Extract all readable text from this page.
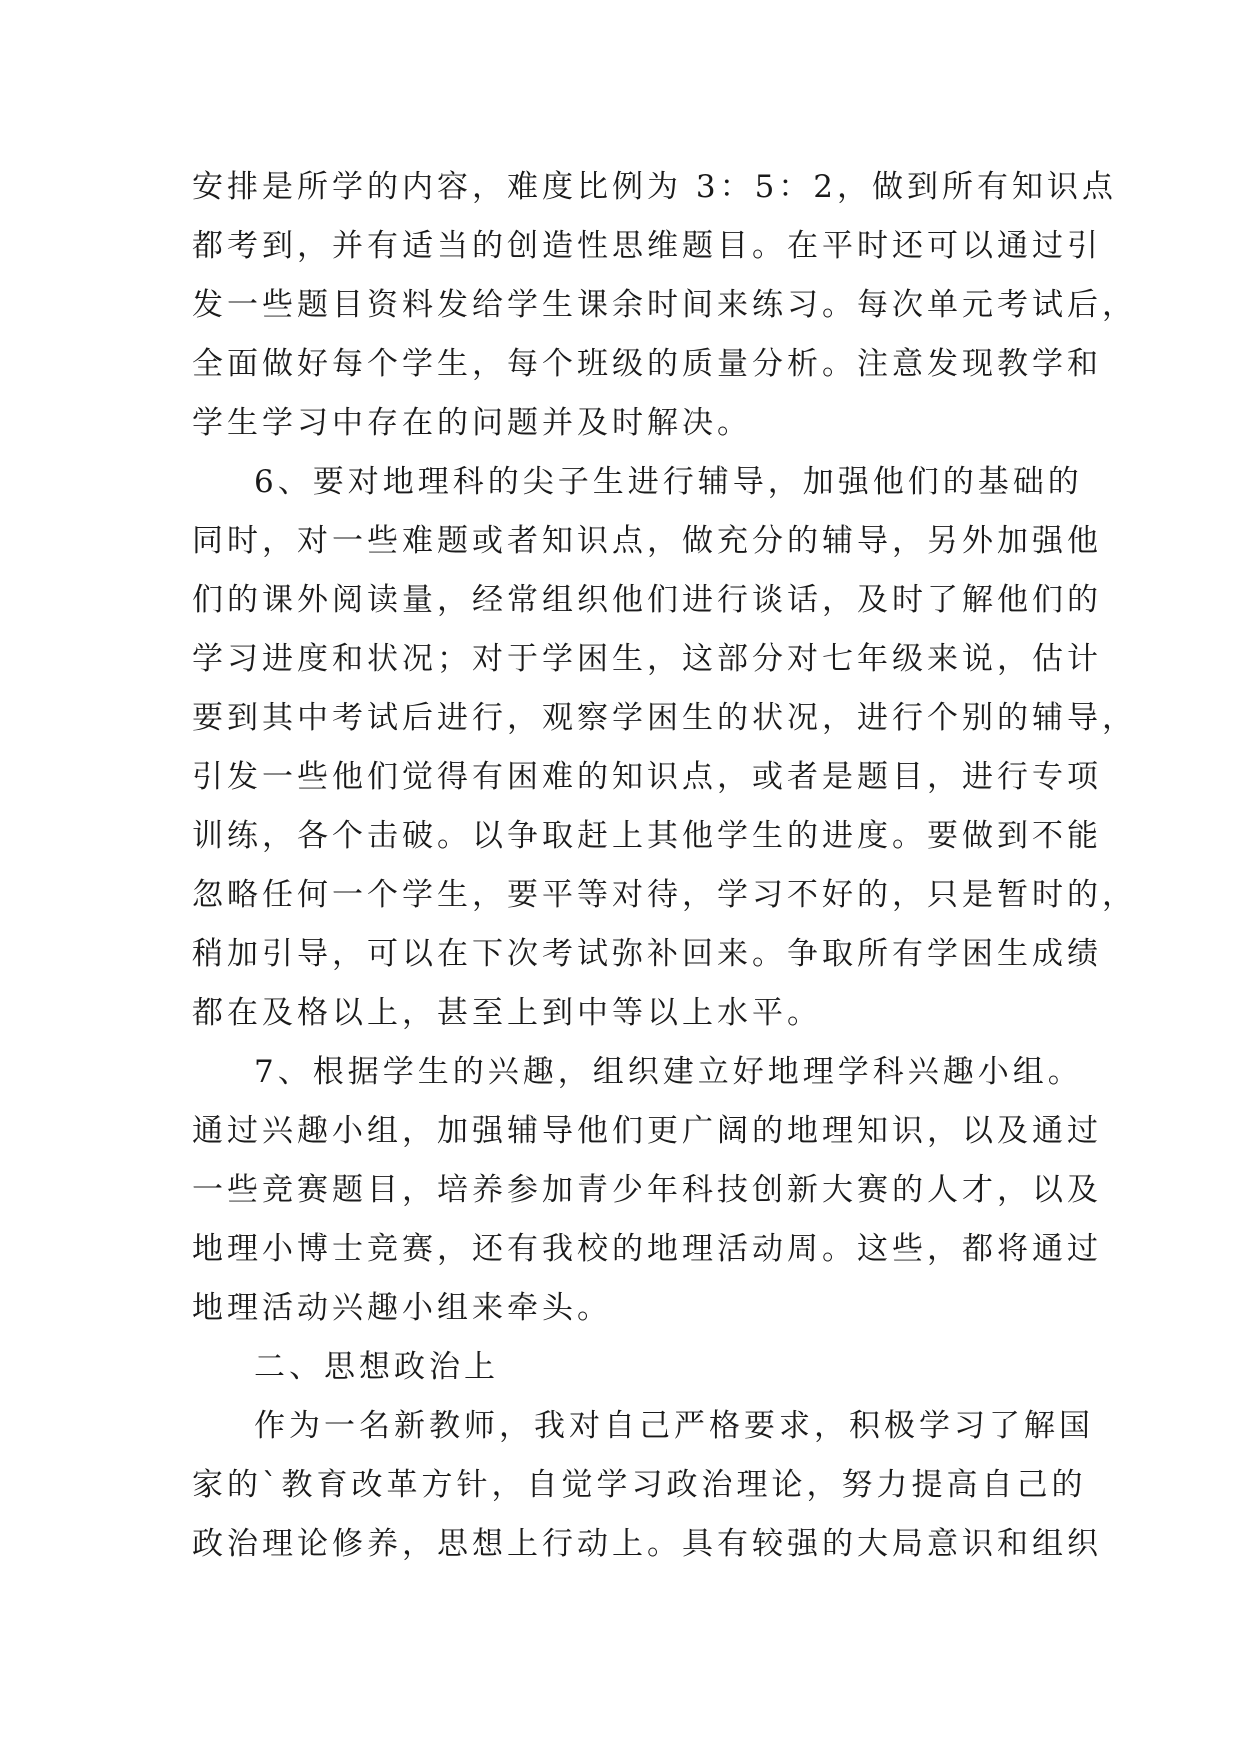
安排是所学的内容，难度比例为 3：5：2，做到所有知识点
都考到，并有适当的创造性思维题目。在平时还可以通过引
发一些题目资料发给学生课余时间来练习。每次单元考试后，
全面做好每个学生，每个班级的质量分析。注意发现教学和
学生学习中存在的问题并及时解决。
6、要对地理科的尖子生进行辅导，加强他们的基础的
同时，对一些难题或者知识点，做充分的辅导，另外加强他
们的课外阅读量，经常组织他们进行谈话，及时了解他们的
学习进度和状况；对于学困生，这部分对七年级来说，估计
要到其中考试后进行，观察学困生的状况，进行个别的辅导，
引发一些他们觉得有困难的知识点，或者是题目，进行专项
训练，各个击破。以争取赶上其他学生的进度。要做到不能
忽略任何一个学生，要平等对待，学习不好的，只是暂时的，
稍加引导，可以在下次考试弥补回来。争取所有学困生成绩
都在及格以上，甚至上到中等以上水平。
7、根据学生的兴趣，组织建立好地理学科兴趣小组。
通过兴趣小组，加强辅导他们更广阔的地理知识，以及通过
一些竞赛题目，培养参加青少年科技创新大赛的人才，以及
地理小博士竞赛，还有我校的地理活动周。这些，都将通过
地理活动兴趣小组来牵头。
二、思想政治上
作为一名新教师，我对自己严格要求，积极学习了解国
家的`教育改革方针，自觉学习政治理论，努力提高自己的
政治理论修养，思想上行动上。具有较强的大局意识和组织
